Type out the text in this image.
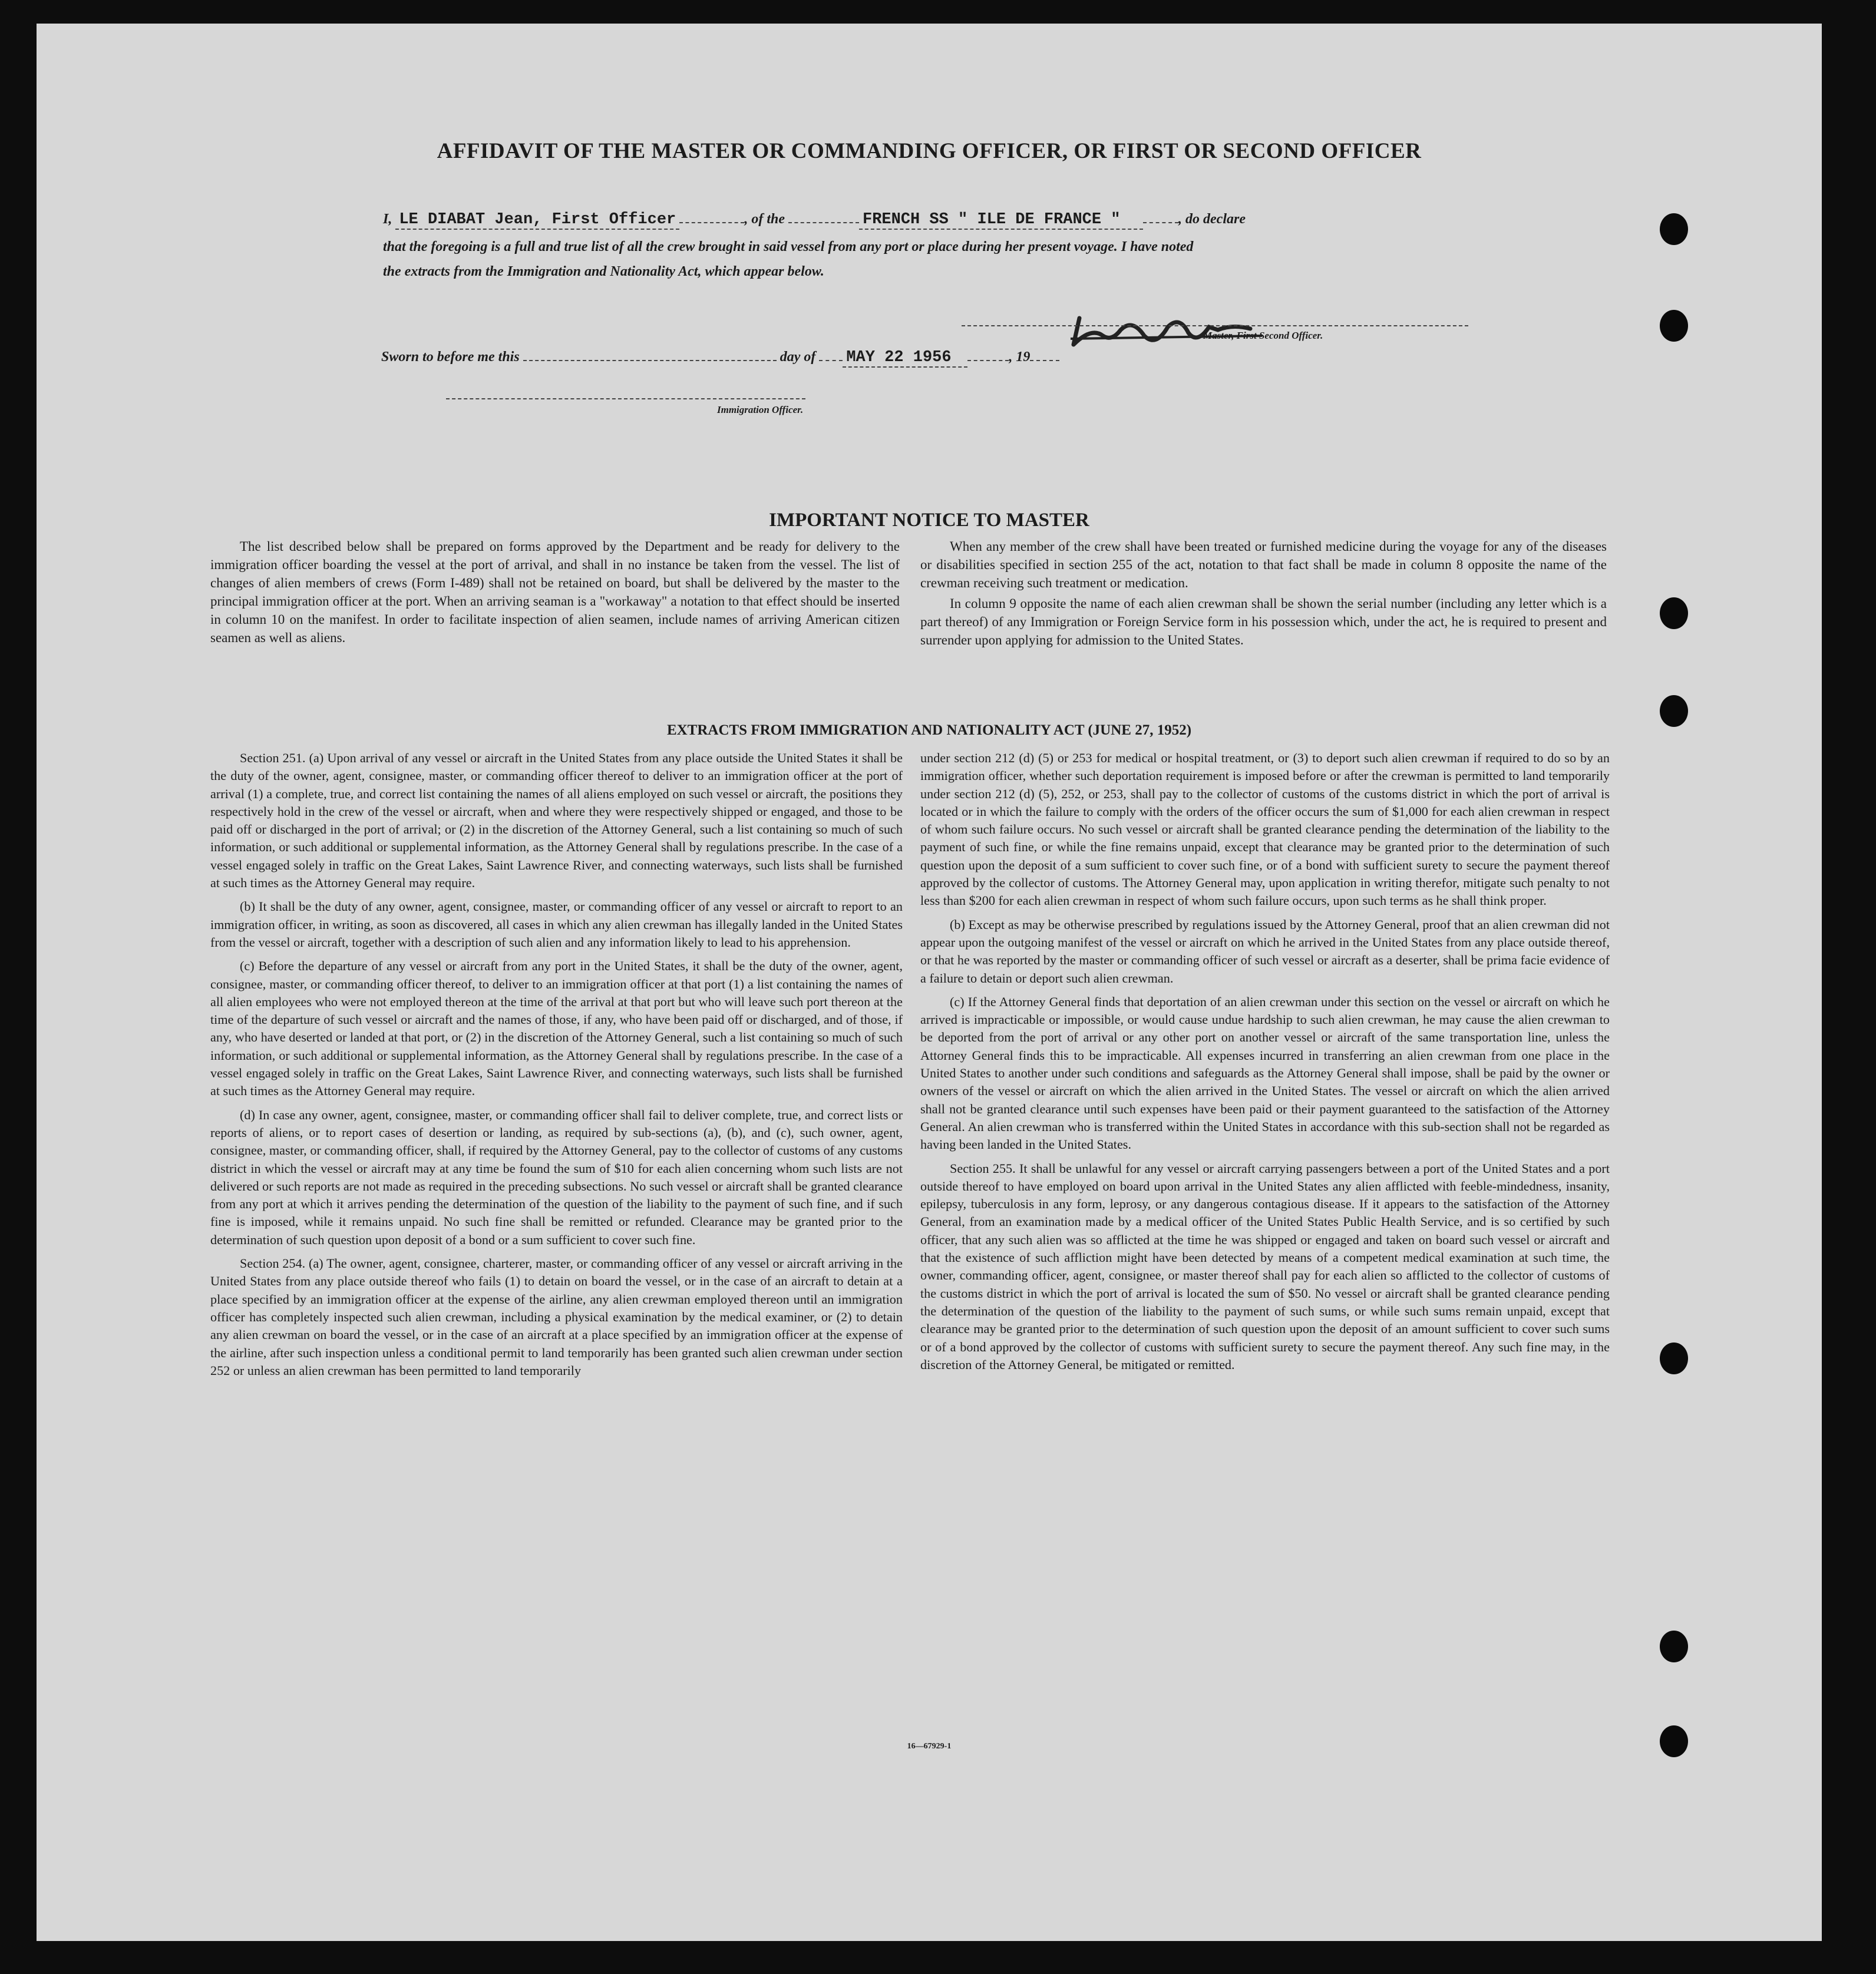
AFFIDAVIT OF THE MASTER OR COMMANDING OFFICER, OR FIRST OR SECOND OFFICER
I, LE DIABAT Jean, First Officer	, of the	FRENCH SS " ILE DE FRANCE "	, do declare
that the foregoing is a full and true list of all the crew brought in said vessel from any port or place during her present voyage. I have noted
the extracts from the Immigration and Nationality Act, which appear below.
Master, First Second Officer.
Sworn to before me this	day of MAY 22 1956	, 19
Immigration Officer.
IMPORTANT NOTICE TO MASTER

The list described below shall be prepared on forms approved by the Department and be ready for delivery to the immigration officer boarding the vessel at the port of arrival, and shall in no instance be taken from the vessel. The list of changes of alien members of crews (Form I-489) shall not be retained on board, but shall be delivered by the master to the principal immigration officer at the port. When an arriving seaman is a "workaway" a notation to that effect should be inserted in column 10 on the manifest. In order to facilitate inspection of alien seamen, include names of arriving American citizen seamen as well as aliens.

When any member of the crew shall have been treated or furnished medicine during the voyage for any of the diseases or disabilities specified in section 255 of the act, notation to that fact shall be made in column 8 opposite the name of the crewman receiving such treatment or medication.

In column 9 opposite the name of each alien crewman shall be shown the serial number (including any letter which is a part thereof) of any Immigration or Foreign Service form in his possession which, under the act, he is required to present and surrender upon applying for admission to the United States.

EXTRACTS FROM IMMIGRATION AND NATIONALITY ACT (JUNE 27, 1952)

Section 251. (a) Upon arrival of any vessel or aircraft in the United States from any place outside the United States it shall be the duty of the owner, agent, consignee, master, or commanding officer thereof to deliver to an immigration officer at the port of arrival (1) a complete, true, and correct list containing the names of all aliens employed on such vessel or aircraft, the positions they respectively hold in the crew of the vessel or aircraft, when and where they were respectively shipped or engaged, and those to be paid off or discharged in the port of arrival; or (2) in the discretion of the Attorney General, such a list containing so much of such information, or such additional or supplemental information, as the Attorney General shall by regulations prescribe. In the case of a vessel engaged solely in traffic on the Great Lakes, Saint Lawrence River, and connecting waterways, such lists shall be furnished at such times as the Attorney General may require.

(b) It shall be the duty of any owner, agent, consignee, master, or commanding officer of any vessel or aircraft to report to an immigration officer, in writing, as soon as discovered, all cases in which any alien crewman has illegally landed in the United States from the vessel or aircraft, together with a description of such alien and any information likely to lead to his apprehension.

(c) Before the departure of any vessel or aircraft from any port in the United States, it shall be the duty of the owner, agent, consignee, master, or commanding officer thereof, to deliver to an immigration officer at that port (1) a list containing the names of all alien employees who were not employed thereon at the time of the arrival at that port but who will leave such port thereon at the time of the departure of such vessel or aircraft and the names of those, if any, who have been paid off or discharged, and of those, if any, who have deserted or landed at that port, or (2) in the discretion of the Attorney General, such a list containing so much of such information, or such additional or supplemental information, as the Attorney General shall by regulations prescribe. In the case of a vessel engaged solely in traffic on the Great Lakes, Saint Lawrence River, and connecting waterways, such lists shall be furnished at such times as the Attorney General may require.

(d) In case any owner, agent, consignee, master, or commanding officer shall fail to deliver complete, true, and correct lists or reports of aliens, or to report cases of desertion or landing, as required by sub-sections (a), (b), and (c), such owner, agent, consignee, master, or commanding officer, shall, if required by the Attorney General, pay to the collector of customs of any customs district in which the vessel or aircraft may at any time be found the sum of $10 for each alien concerning whom such lists are not delivered or such reports are not made as required in the preceding subsections. No such vessel or aircraft shall be granted clearance from any port at which it arrives pending the determination of the question of the liability to the payment of such fine, and if such fine is imposed, while it remains unpaid. No such fine shall be remitted or refunded. Clearance may be granted prior to the determination of such question upon deposit of a bond or a sum sufficient to cover such fine.

Section 254. (a) The owner, agent, consignee, charterer, master, or commanding officer of any vessel or aircraft arriving in the United States from any place outside thereof who fails (1) to detain on board the vessel, or in the case of an aircraft to detain at a place specified by an immigration officer at the expense of the airline, any alien crewman employed thereon until an immigration officer has completely inspected such alien crewman, including a physical examination by the medical examiner, or (2) to detain any alien crewman on board the vessel, or in the case of an aircraft at a place specified by an immigration officer at the expense of the airline, after such inspection unless a conditional permit to land temporarily has been granted such alien crewman under section 252 or unless an alien crewman has been permitted to land temporarily

under section 212 (d) (5) or 253 for medical or hospital treatment, or (3) to deport such alien crewman if required to do so by an immigration officer, whether such deportation requirement is imposed before or after the crewman is permitted to land temporarily under section 212 (d) (5), 252, or 253, shall pay to the collector of customs of the customs district in which the port of arrival is located or in which the failure to comply with the orders of the officer occurs the sum of $1,000 for each alien crewman in respect of whom such failure occurs. No such vessel or aircraft shall be granted clearance pending the determination of the liability to the payment of such fine, or while the fine remains unpaid, except that clearance may be granted prior to the determination of such question upon the deposit of a sum sufficient to cover such fine, or of a bond with sufficient surety to secure the payment thereof approved by the collector of customs. The Attorney General may, upon application in writing therefor, mitigate such penalty to not less than $200 for each alien crewman in respect of whom such failure occurs, upon such terms as he shall think proper.

(b) Except as may be otherwise prescribed by regulations issued by the Attorney General, proof that an alien crewman did not appear upon the outgoing manifest of the vessel or aircraft on which he arrived in the United States from any place outside thereof, or that he was reported by the master or commanding officer of such vessel or aircraft as a deserter, shall be prima facie evidence of a failure to detain or deport such alien crewman.

(c) If the Attorney General finds that deportation of an alien crewman under this section on the vessel or aircraft on which he arrived is impracticable or impossible, or would cause undue hardship to such alien crewman, he may cause the alien crewman to be deported from the port of arrival or any other port on another vessel or aircraft of the same transportation line, unless the Attorney General finds this to be impracticable. All expenses incurred in transferring an alien crewman from one place in the United States to another under such conditions and safeguards as the Attorney General shall impose, shall be paid by the owner or owners of the vessel or aircraft on which the alien arrived in the United States. The vessel or aircraft on which the alien arrived shall not be granted clearance until such expenses have been paid or their payment guaranteed to the satisfaction of the Attorney General. An alien crewman who is transferred within the United States in accordance with this sub-section shall not be regarded as having been landed in the United States.

Section 255. It shall be unlawful for any vessel or aircraft carrying passengers between a port of the United States and a port outside thereof to have employed on board upon arrival in the United States any alien afflicted with feeble-mindedness, insanity, epilepsy, tuberculosis in any form, leprosy, or any dangerous contagious disease. If it appears to the satisfaction of the Attorney General, from an examination made by a medical officer of the United States Public Health Service, and is so certified by such officer, that any such alien was so afflicted at the time he was shipped or engaged and taken on board such vessel or aircraft and that the existence of such affliction might have been detected by means of a competent medical examination at such time, the owner, commanding officer, agent, consignee, or master thereof shall pay for each alien so afflicted to the collector of customs of the customs district in which the port of arrival is located the sum of $50. No vessel or aircraft shall be granted clearance pending the determination of the question of the liability to the payment of such sums, or while such sums remain unpaid, except that clearance may be granted prior to the determination of such question upon the deposit of an amount sufficient to cover such sums or of a bond approved by the collector of customs with sufficient surety to secure the payment thereof. Any such fine may, in the discretion of the Attorney General, be mitigated or remitted.

16—67929-1
